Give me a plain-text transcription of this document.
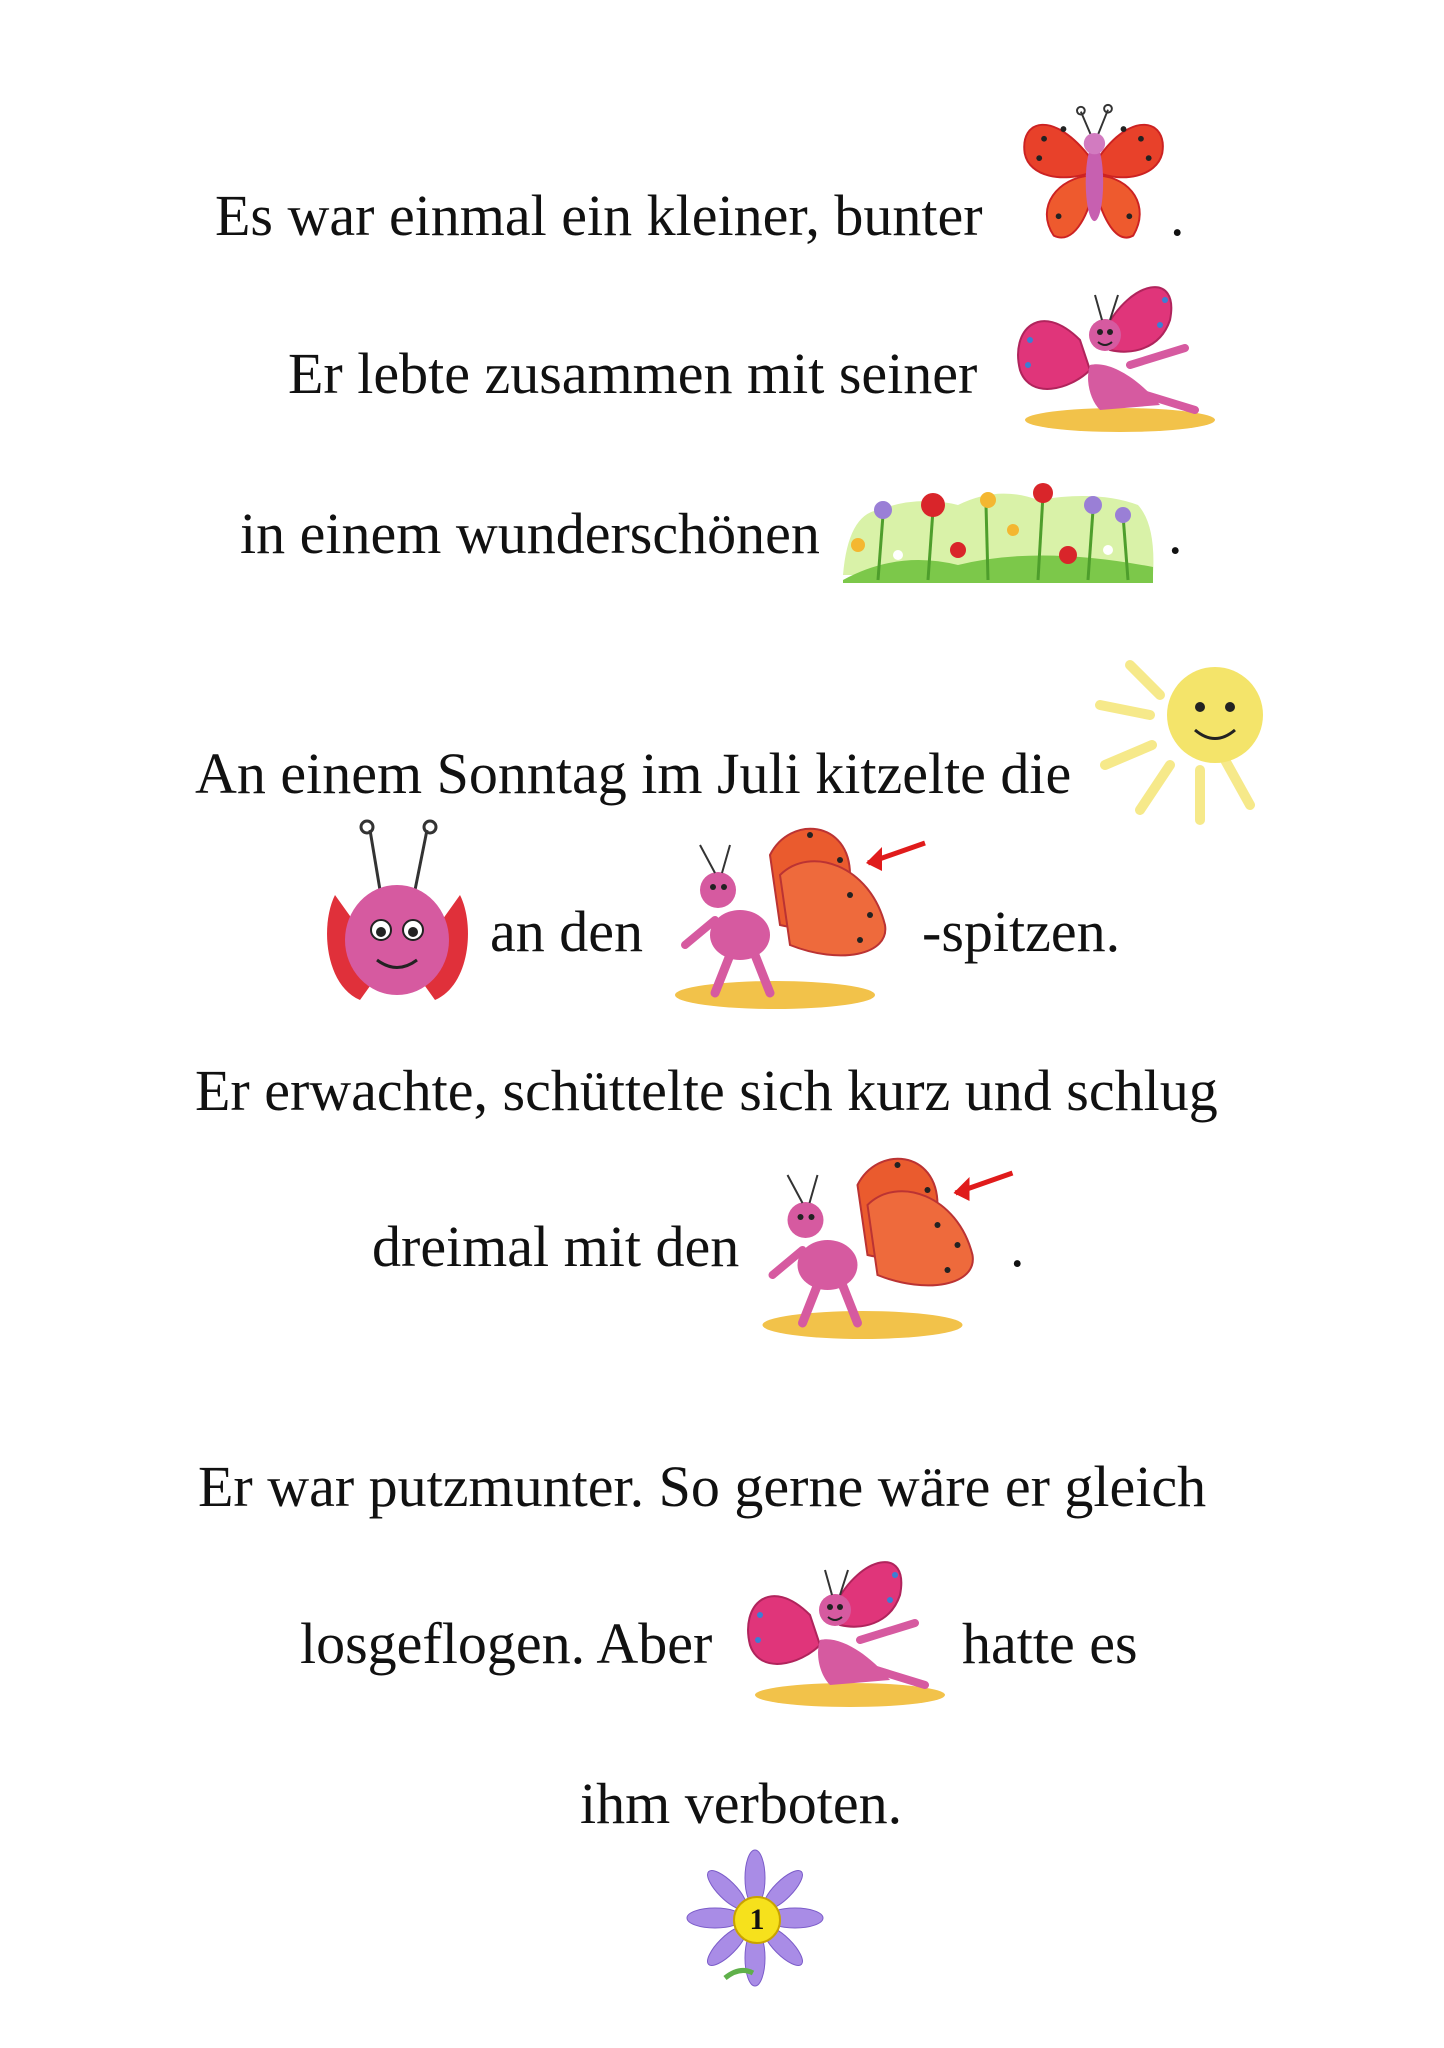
Es war einmal ein kleiner, bunter	.
Er lebte zusammen mit seiner
in einem wunderschönen	.
An einem Sonntag im Juli kitzelte die
an den	-spitzen.
Er erwachte, schüttelte sich kurz und schlug
dreimal mit den	.
Er war putzmunter. So gerne wäre er gleich
losgeflogen. Aber	hatte es
ihm verboten.
1
